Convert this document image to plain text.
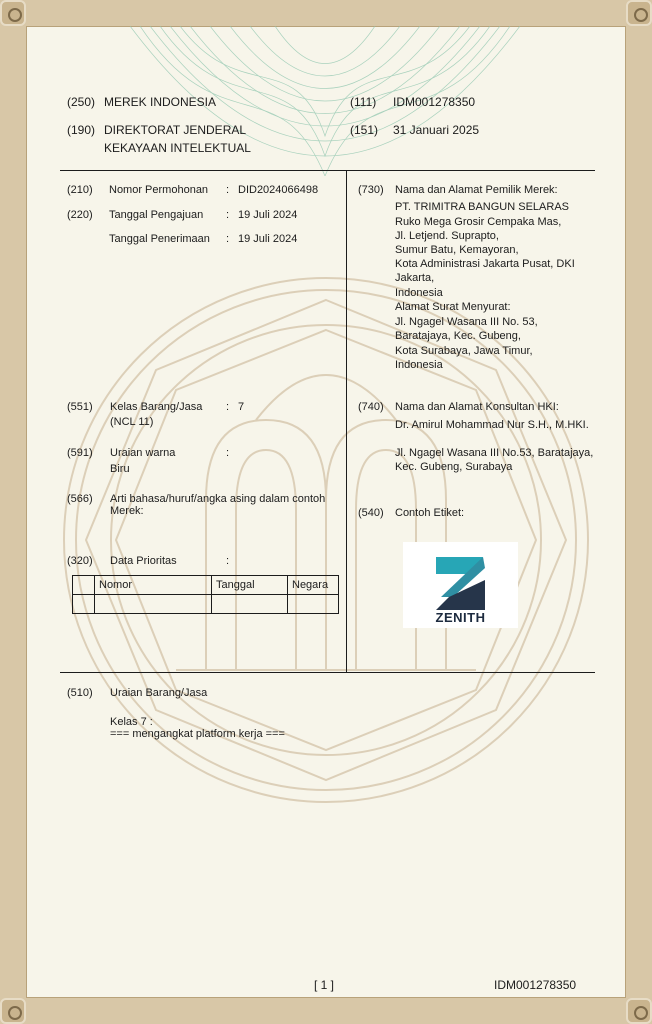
(250) MEREK INDONESIA	(111) IDM001278350
(190) DIREKTORAT JENDERAL
KEKAYAAN INTELEKTUAL
(151) 31 Januari 2025
(210) Nomor Permohonan : DID2024066498
(220) Tanggal Pengajuan : 19 Juli 2024
Tanggal Penerimaan : 19 Juli 2024
(730) Nama dan Alamat Pemilik Merek:
PT. TRIMITRA BANGUN SELARAS
Ruko Mega Grosir Cempaka Mas,
Jl. Letjend. Suprapto,
Sumur Batu, Kemayoran,
Kota Administrasi Jakarta Pusat, DKI
Jakarta,
Indonesia
Alamat Surat Menyurat:
Jl. Ngagel Wasana III No. 53,
Baratajaya, Kec. Gubeng,
Kota Surabaya, Jawa Timur,
Indonesia
(551) Kelas Barang/Jasa
(NCL 11)
: 7
(591) Uraian warna	:
Biru
(566) Arti bahasa/huruf/angka asing dalam contoh
Merek:
(320) Data Prioritas	:
	Nomor	Tanggal	Negara

(740) Nama dan Alamat Konsultan HKI:
Dr. Amirul Mohammad Nur S.H., M.HKI.
Jl. Ngagel Wasana III No.53, Baratajaya,
Kec. Gubeng, Surabaya
(540) Contoh Etiket:
ZENITH
(510) Uraian Barang/Jasa
Kelas 7 :
=== mengangkat platform kerja ===
[ 1 ]	IDM001278350
